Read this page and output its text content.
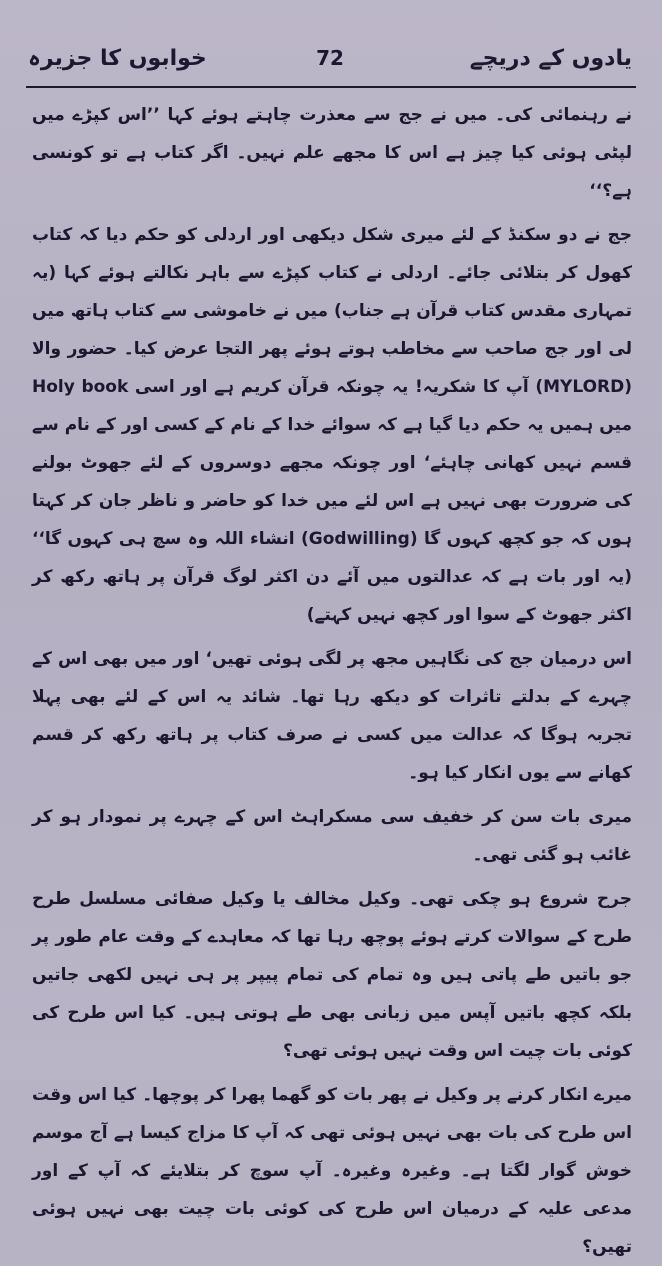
یادوں کے دریچے
72
خوابوں کا جزیرہ

نے رہنمائی کی۔ میں نے جج سے معذرت چاہتے ہوئے کہا ’’اس کپڑے میں لپٹی ہوئی کیا چیز ہے اس کا مجھے علم نہیں۔ اگر کتاب ہے تو کونسی ہے؟‘‘

جج نے دو سکنڈ کے لئے میری شکل دیکھی اور اردلی کو حکم دیا کہ کتاب کھول کر بتلائی جائے۔ اردلی نے کتاب کپڑے سے باہر نکالتے ہوئے کہا (یہ تمہاری مقدس کتاب قرآن ہے جناب) میں نے خاموشی سے کتاب ہاتھ میں لی اور جج صاحب سے مخاطب ہوتے ہوئے پھر التجا عرض کیا۔ حضور والا (MYLORD) آپ کا شکریہ! یہ چونکہ قرآن کریم ہے اور اسی Holy book میں ہمیں یہ حکم دیا گیا ہے کہ سوائے خدا کے نام کے کسی اور کے نام سے قسم نہیں کھانی چاہئے‘ اور چونکہ مجھے دوسروں کے لئے جھوٹ بولنے کی ضرورت بھی نہیں ہے اس لئے میں خدا کو حاضر و ناظر جان کر کہتا ہوں کہ جو کچھ کہوں گا (Godwilling) انشاء اللہ وہ سچ ہی کہوں گا‘‘ (یہ اور بات ہے کہ عدالتوں میں آئے دن اکثر لوگ قرآن پر ہاتھ رکھ کر اکثر جھوٹ کے سوا اور کچھ نہیں کہتے)

اس درمیان جج کی نگاہیں مجھ پر لگی ہوئی تھیں‘ اور میں بھی اس کے چہرے کے بدلتے تاثرات کو دیکھ رہا تھا۔ شائد یہ اس کے لئے بھی پہلا تجربہ ہوگا کہ عدالت میں کسی نے صرف کتاب پر ہاتھ رکھ کر قسم کھانے سے یوں انکار کیا ہو۔

میری بات سن کر خفیف سی مسکراہٹ اس کے چہرے پر نمودار ہو کر غائب ہو گئی تھی۔

جرح شروع ہو چکی تھی۔ وکیل مخالف یا وکیل صفائی مسلسل طرح طرح کے سوالات کرتے ہوئے پوچھ رہا تھا کہ معاہدے کے وقت عام طور پر جو باتیں طے پاتی ہیں وہ تمام کی تمام پیپر پر ہی نہیں لکھی جاتیں بلکہ کچھ باتیں آپس میں زبانی بھی طے ہوتی ہیں۔ کیا اس طرح کی کوئی بات چیت اس وقت نہیں ہوئی تھی؟

میرے انکار کرنے پر وکیل نے پھر بات کو گھما پھرا کر پوچھا۔ کیا اس وقت اس طرح کی بات بھی نہیں ہوئی تھی کہ آپ کا مزاج کیسا ہے آج موسم خوش گوار لگتا ہے۔ وغیرہ وغیرہ۔ آپ سوچ کر بتلایئے کہ آپ کے اور مدعی علیہ کے درمیان اس طرح کی کوئی بات چیت بھی نہیں ہوئی تھیں؟
